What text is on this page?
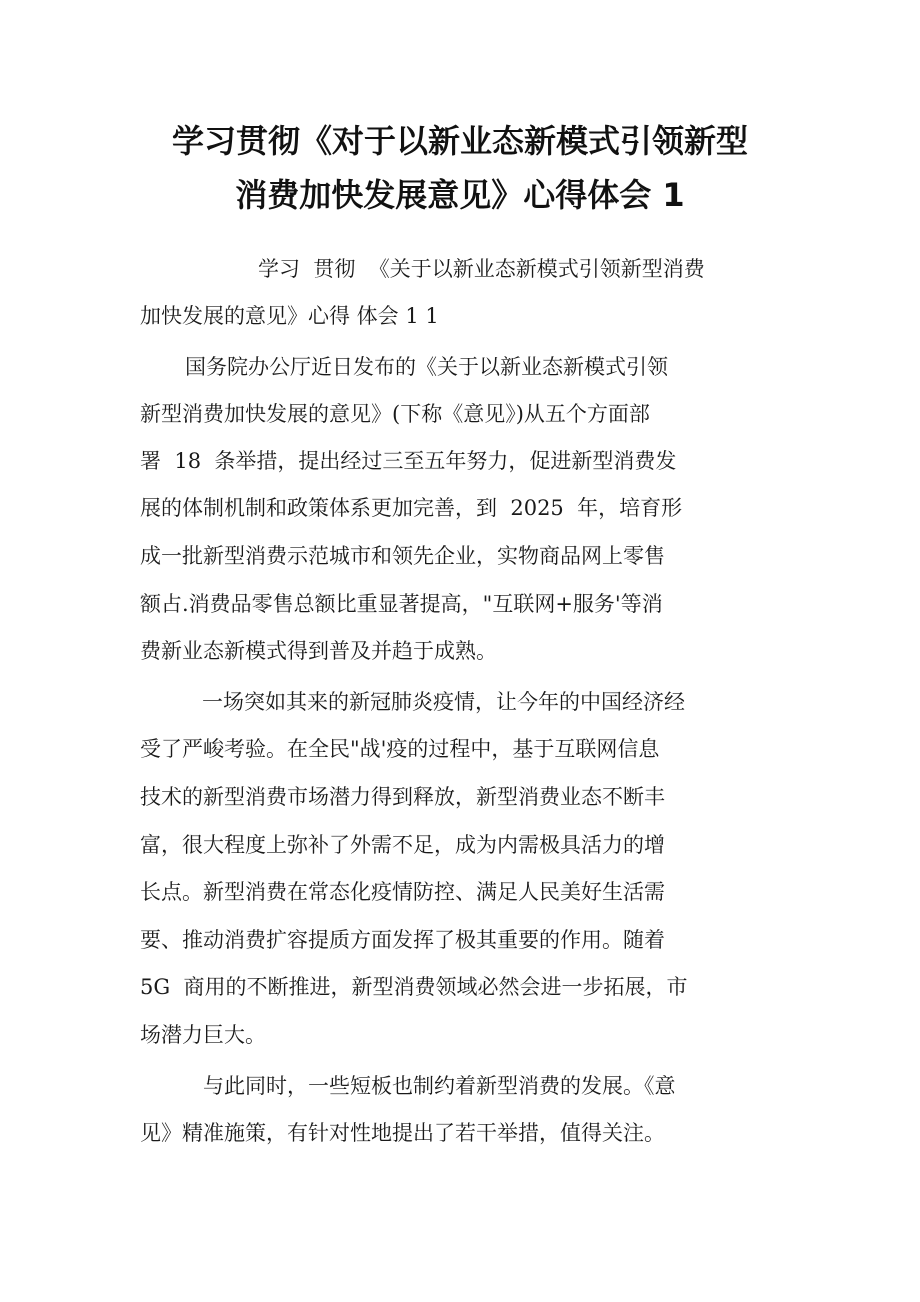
学习贯彻《对于以新业态新模式引领新型
消费加快发展意见》心得体会 1
学习  贯彻  《关于以新业态新模式引领新型消费
加快发展的意见》心得 体会 1 1
国务院办公厅近日发布的《关于以新业态新模式引领
新型消费加快发展的意见》(下称《意见》)从五个方面部
署  18  条举措，提出经过三至五年努力，促进新型消费发
展的体制机制和政策体系更加完善，到  2025  年，培育形
成一批新型消费示范城市和领先企业，实物商品网上零售
额占.消费品零售总额比重显著提高，"互联网+服务'等消
费新业态新模式得到普及并趋于成熟。
一场突如其来的新冠肺炎疫情，让今年的中国经济经
受了严峻考验。在全民"战'疫的过程中，基于互联网信息
技术的新型消费市场潜力得到释放，新型消费业态不断丰
富，很大程度上弥补了外需不足，成为内需极具活力的增
长点。新型消费在常态化疫情防控、满足人民美好生活需
要、推动消费扩容提质方面发挥了极其重要的作用。随着
5G  商用的不断推进，新型消费领域必然会进一步拓展，市
场潜力巨大。
与此同时，一些短板也制约着新型消费的发展。《意
见》精准施策，有针对性地提出了若干举措，值得关注。
